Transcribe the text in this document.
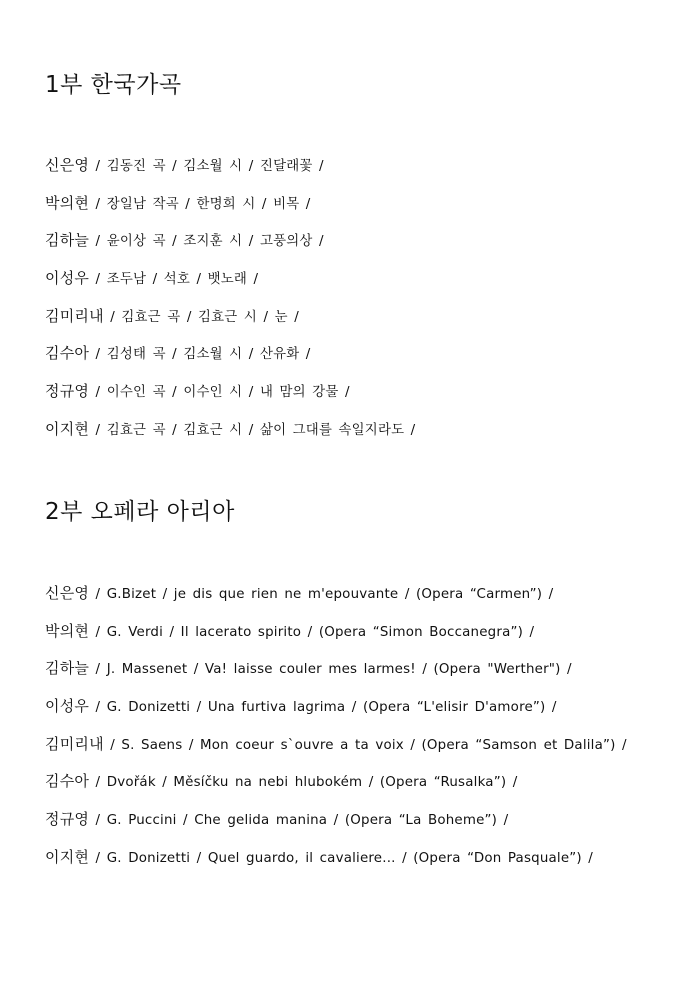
1부 한국가곡
신은영 / 김동진 곡 / 김소월 시 / 진달래꽃 /
박의현 / 장일남 작곡 / 한명희 시 / 비목 /
김하늘 / 윤이상 곡 / 조지훈 시 / 고풍의상 /
이성우 / 조두남 / 석호 / 뱃노래 /
김미리내 / 김효근 곡 / 김효근 시 / 눈 /
김수아 / 김성태 곡 / 김소월 시 / 산유화 /
정규영 / 이수인 곡 / 이수인 시 / 내 맘의 강물 /
이지현 / 김효근 곡 / 김효근 시 / 삶이 그대를 속일지라도 /
2부 오페라 아리아
신은영 / G.Bizet / je dis que rien ne m'epouvante / (Opera “Carmen”) /
박의현 / G. Verdi / Il lacerato spirito / (Opera “Simon Boccanegra”) /
김하늘 / J. Massenet / Va! laisse couler mes larmes! / (Opera "Werther") /
이성우 / G. Donizetti / Una furtiva lagrima / (Opera “L'elisir D'amore”) /
김미리내 / S. Saens / Mon coeur s`ouvre a ta voix / (Opera “Samson et Dalila”) /
김수아 / Dvořák / Měsíčku na nebi hlubokém / (Opera “Rusalka”) /
정규영 / G. Puccini / Che gelida manina / (Opera “La Boheme”) /
이지현 / G. Donizetti / Quel guardo, il cavaliere... / (Opera “Don Pasquale”) /
